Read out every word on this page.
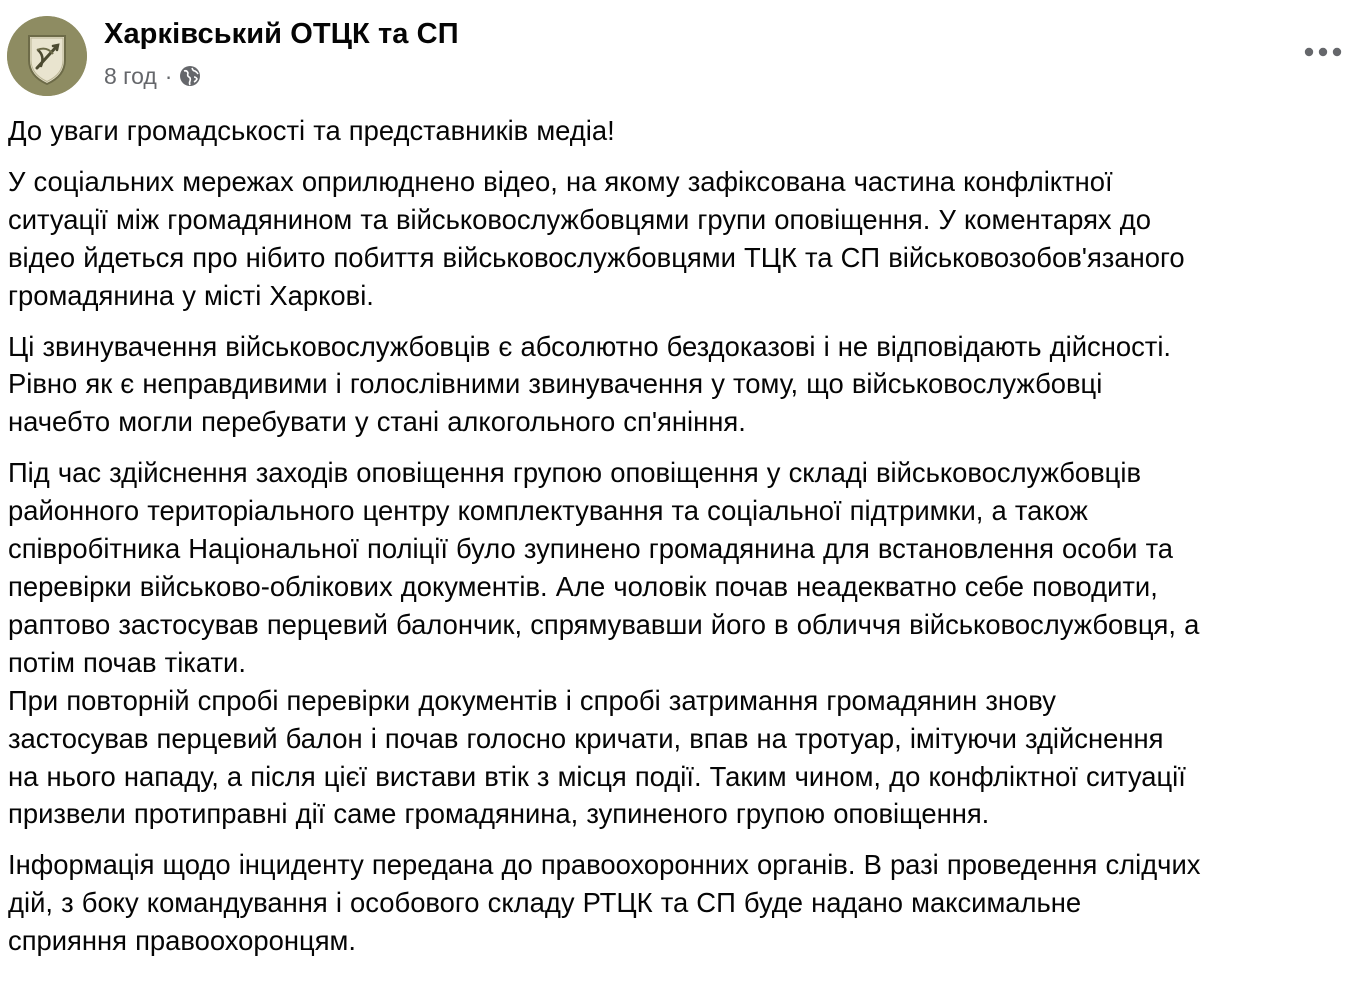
Харківський ОТЦК та СП
8 год ·

До уваги громадськості та представників медіа!

У соціальних мережах оприлюднено відео, на якому зафіксована частина конфліктної
ситуації між громадянином та військовослужбовцями групи оповіщення. У коментарях до
відео йдеться про нібито побиття військовослужбовцями ТЦК та СП військовозобов'язаного
громадянина у місті Харкові.

Ці звинувачення військовослужбовців є абсолютно бездоказові і не відповідають дійсності.
Рівно як є неправдивими і голослівними звинувачення у тому, що військовослужбовці
начебто могли перебувати у стані алкогольного сп'яніння.

Під час здійснення заходів оповіщення групою оповіщення у складі військовослужбовців
районного територіального центру комплектування та соціальної підтримки, а також
співробітника Національної поліції було зупинено громадянина для встановлення особи та
перевірки військово-облікових документів. Але чоловік почав неадекватно себе поводити,
раптово застосував перцевий балончик, спрямувавши його в обличчя військовослужбовця, а
потім почав тікати.
При повторній спробі перевірки документів і спробі затримання громадянин знову
застосував перцевий балон і почав голосно кричати, впав на тротуар, імітуючи здійснення
на нього нападу, а після цієї вистави втік з місця події. Таким чином, до конфліктної ситуації
призвели протиправні дії саме громадянина, зупиненого групою оповіщення.

Інформація щодо інциденту передана до правоохоронних органів. В разі проведення слідчих
дій, з боку командування і особового складу РТЦК та СП буде надано максимальне
сприяння правоохоронцям.
